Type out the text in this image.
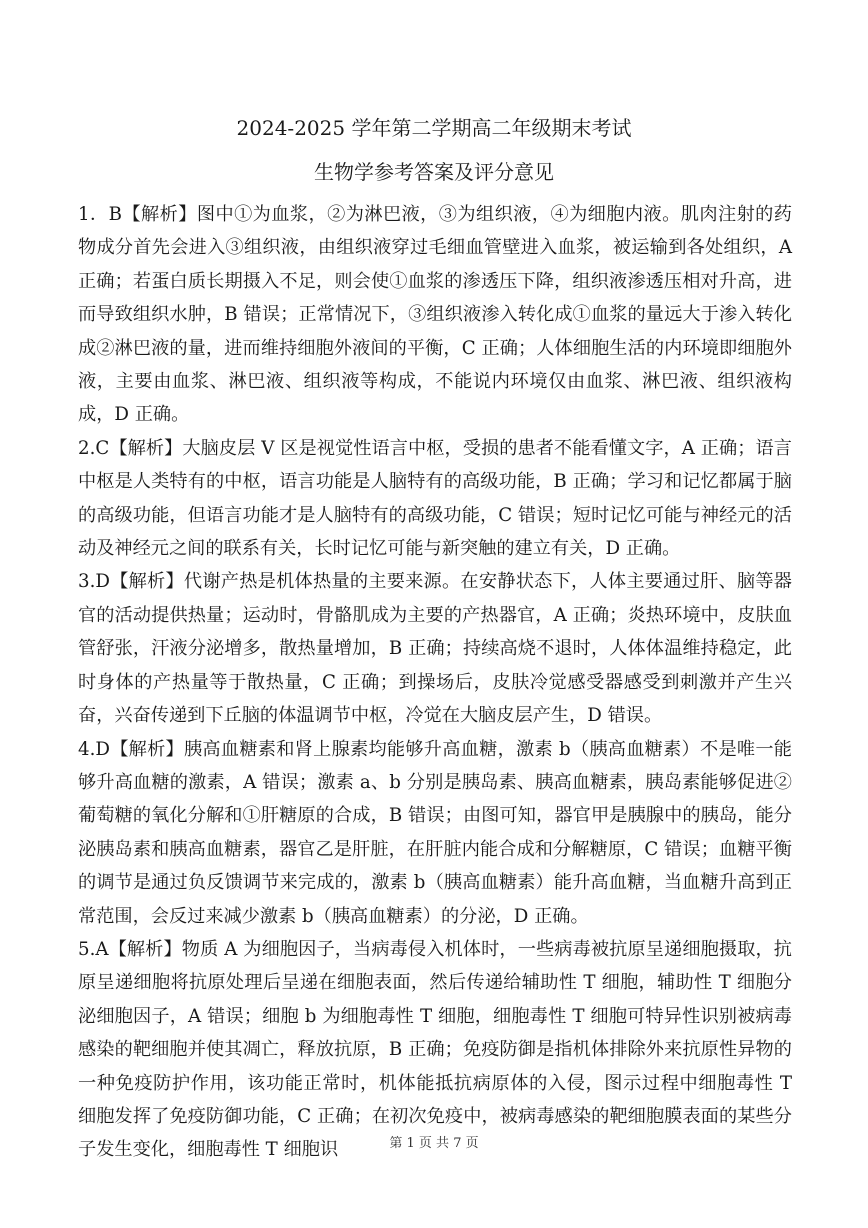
2024-2025 学年第二学期高二年级期末考试
生物学参考答案及评分意见

1．B【解析】图中①为血浆，②为淋巴液，③为组织液，④为细胞内液。肌肉注射的药物成分首先会进入③组织液，由组织液穿过毛细血管壁进入血浆，被运输到各处组织，A 正确；若蛋白质长期摄入不足，则会使①血浆的渗透压下降，组织液渗透压相对升高，进而导致组织水肿，B 错误；正常情况下，③组织液渗入转化成①血浆的量远大于渗入转化成②淋巴液的量，进而维持细胞外液间的平衡，C 正确；人体细胞生活的内环境即细胞外液，主要由血浆、淋巴液、组织液等构成，不能说内环境仅由血浆、淋巴液、组织液构成，D 正确。

2.C【解析】大脑皮层 V 区是视觉性语言中枢，受损的患者不能看懂文字，A 正确；语言中枢是人类特有的中枢，语言功能是人脑特有的高级功能，B 正确；学习和记忆都属于脑的高级功能，但语言功能才是人脑特有的高级功能，C 错误；短时记忆可能与神经元的活动及神经元之间的联系有关，长时记忆可能与新突触的建立有关，D 正确。

3.D【解析】代谢产热是机体热量的主要来源。在安静状态下，人体主要通过肝、脑等器官的活动提供热量；运动时，骨骼肌成为主要的产热器官，A 正确；炎热环境中，皮肤血管舒张，汗液分泌增多，散热量增加，B 正确；持续高烧不退时，人体体温维持稳定，此时身体的产热量等于散热量，C 正确；到操场后，皮肤冷觉感受器感受到刺激并产生兴奋，兴奋传递到下丘脑的体温调节中枢，冷觉在大脑皮层产生，D 错误。

4.D【解析】胰高血糖素和肾上腺素均能够升高血糖，激素 b（胰高血糖素）不是唯一能够升高血糖的激素，A 错误；激素 a、b 分别是胰岛素、胰高血糖素，胰岛素能够促进②葡萄糖的氧化分解和①肝糖原的合成，B 错误；由图可知，器官甲是胰腺中的胰岛，能分泌胰岛素和胰高血糖素，器官乙是肝脏，在肝脏内能合成和分解糖原，C 错误；血糖平衡的调节是通过负反馈调节来完成的，激素 b（胰高血糖素）能升高血糖，当血糖升高到正常范围，会反过来减少激素 b（胰高血糖素）的分泌，D 正确。

5.A【解析】物质 A 为细胞因子，当病毒侵入机体时，一些病毒被抗原呈递细胞摄取，抗原呈递细胞将抗原处理后呈递在细胞表面，然后传递给辅助性 T 细胞，辅助性 T 细胞分泌细胞因子，A 错误；细胞 b 为细胞毒性 T 细胞，细胞毒性 T 细胞可特异性识别被病毒感染的靶细胞并使其凋亡，释放抗原，B 正确；免疫防御是指机体排除外来抗原性异物的一种免疫防护作用，该功能正常时，机体能抵抗病原体的入侵，图示过程中细胞毒性 T 细胞发挥了免疫防御功能，C 正确；在初次免疫中，被病毒感染的靶细胞膜表面的某些分子发生变化，细胞毒性 T 细胞识	第 1 页 共 7 页
